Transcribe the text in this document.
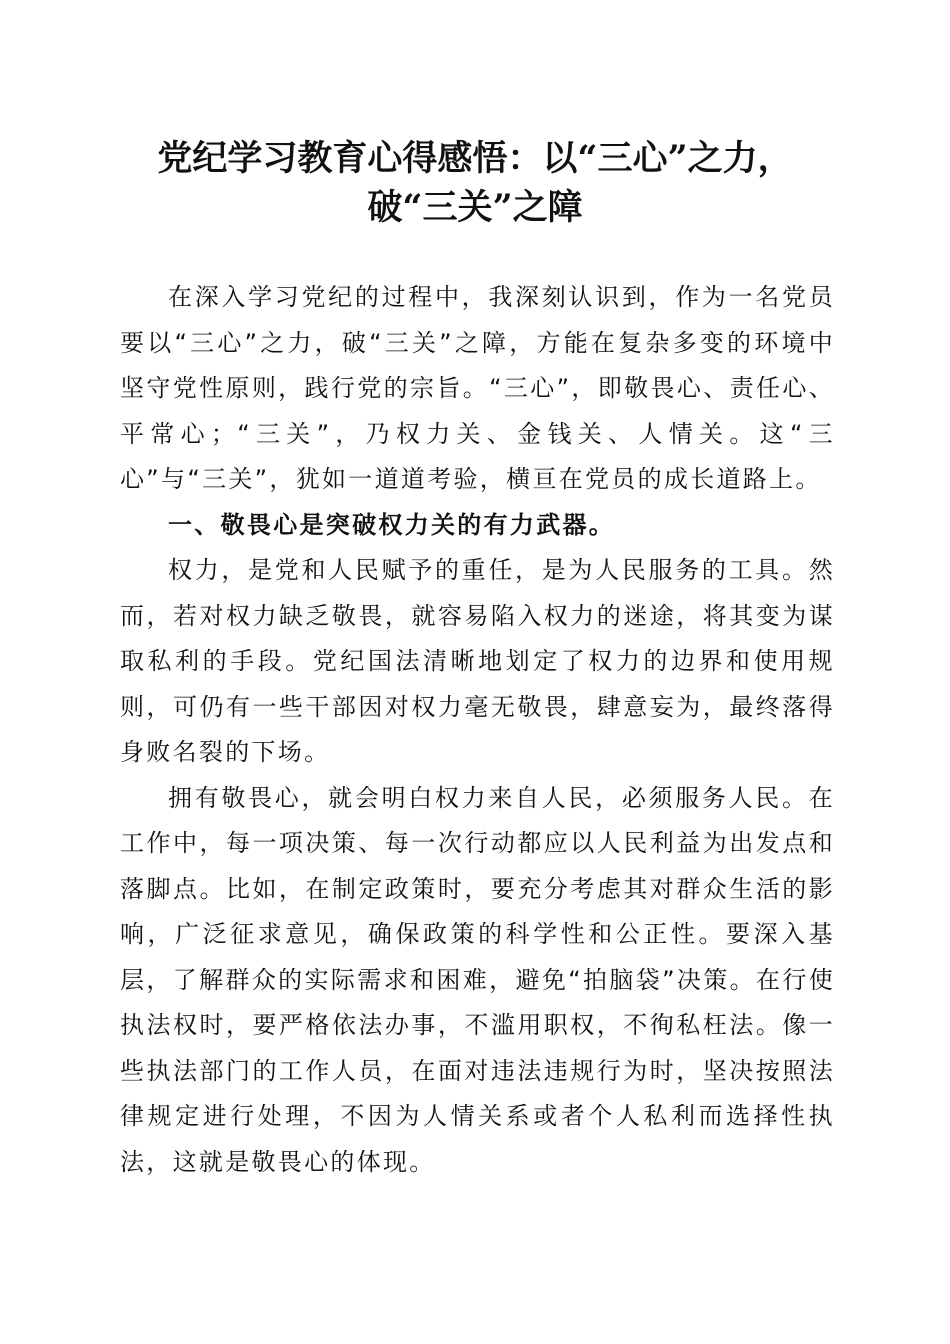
党纪学习教育心得感悟：以“三心”之力，
破“三关”之障

在深入学习党纪的过程中，我深刻认识到，作为一名党员要以“三心”之力，破“三关”之障，方能在复杂多变的环境中坚守党性原则，践行党的宗旨。“三心”，即敬畏心、责任心、平常心；“三关”，乃权力关、金钱关、人情关。这“三心”与“三关”，犹如一道道考验，横亘在党员的成长道路上。

一、敬畏心是突破权力关的有力武器。

权力，是党和人民赋予的重任，是为人民服务的工具。然而，若对权力缺乏敬畏，就容易陷入权力的迷途，将其变为谋取私利的手段。党纪国法清晰地划定了权力的边界和使用规则，可仍有一些干部因对权力毫无敬畏，肆意妄为，最终落得身败名裂的下场。

拥有敬畏心，就会明白权力来自人民，必须服务人民。在工作中，每一项决策、每一次行动都应以人民利益为出发点和落脚点。比如，在制定政策时，要充分考虑其对群众生活的影响，广泛征求意见，确保政策的科学性和公正性。要深入基层，了解群众的实际需求和困难，避免“拍脑袋”决策。在行使执法权时，要严格依法办事，不滥用职权，不徇私枉法。像一些执法部门的工作人员，在面对违法违规行为时，坚决按照法律规定进行处理，不因为人情关系或者个人私利而选择性执法，这就是敬畏心的体现。
